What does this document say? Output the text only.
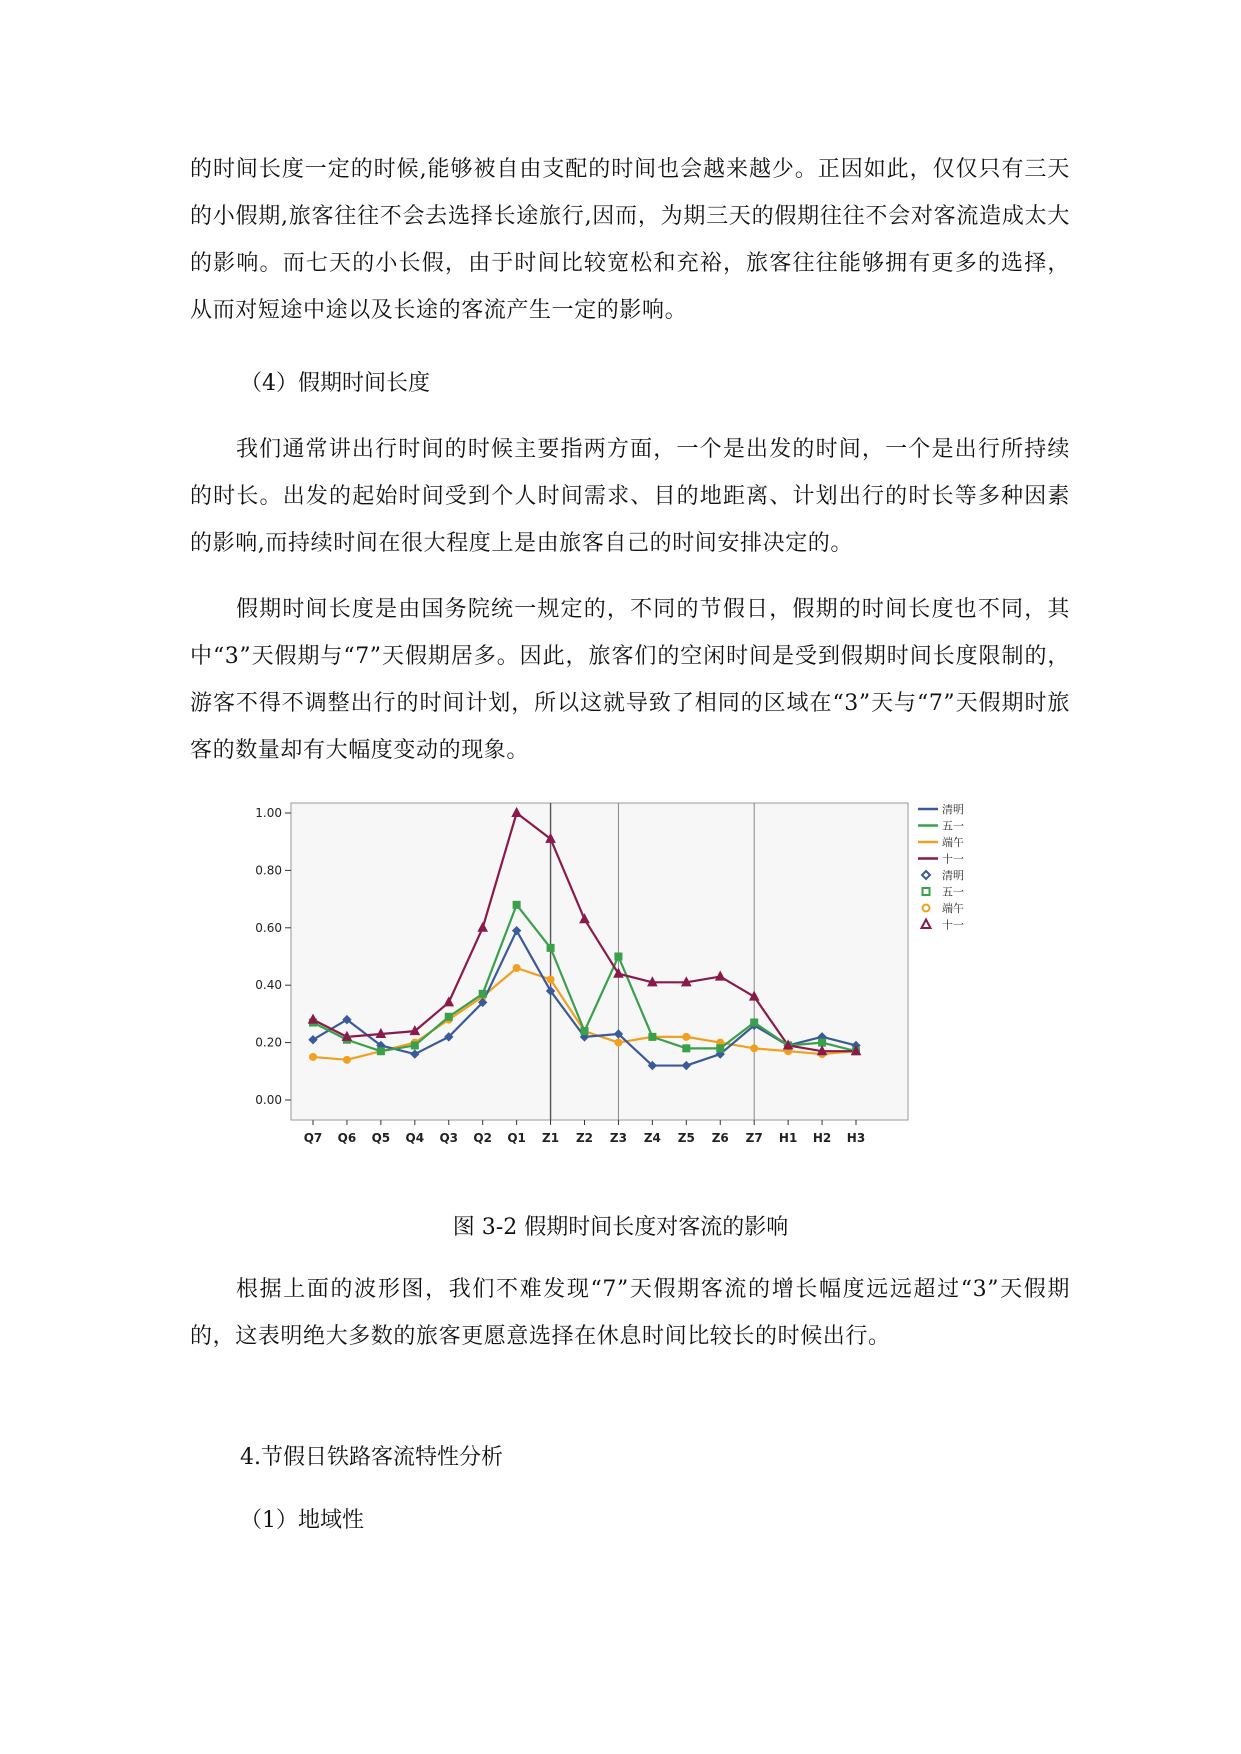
的时间长度一定的时候,能够被自由支配的时间也会越来越少。正因如此，仅仅只有三天的小假期,旅客往往不会去选择长途旅行,因而，为期三天的假期往往不会对客流造成太大的影响。而七天的小长假，由于时间比较宽松和充裕，旅客往往能够拥有更多的选择，从而对短途中途以及长途的客流产生一定的影响。

（4）假期时间长度

我们通常讲出行时间的时候主要指两方面，一个是出发的时间，一个是出行所持续的时长。出发的起始时间受到个人时间需求、目的地距离、计划出行的时长等多种因素的影响,而持续时间在很大程度上是由旅客自己的时间安排决定的。

假期时间长度是由国务院统一规定的，不同的节假日，假期的时间长度也不同，其中“3”天假期与“7”天假期居多。因此，旅客们的空闲时间是受到假期时间长度限制的，游客不得不调整出行的时间计划，所以这就导致了相同的区域在“3”天与“7”天假期时旅客的数量却有大幅度变动的现象。

0.00
0.20
0.40
0.60
0.80
1.00
Q7 Q6 Q5 Q4 Q3 Q2 Q1 Z1 Z2 Z3 Z4 Z5 Z6 Z7 H1 H2 H3
清明
五一
端午
十一
清明
五一
端午
十一

图 3-2 假期时间长度对客流的影响

根据上面的波形图，我们不难发现“7”天假期客流的增长幅度远远超过“3”天假期的，这表明绝大多数的旅客更愿意选择在休息时间比较长的时候出行。

4.节假日铁路客流特性分析

（1）地域性
